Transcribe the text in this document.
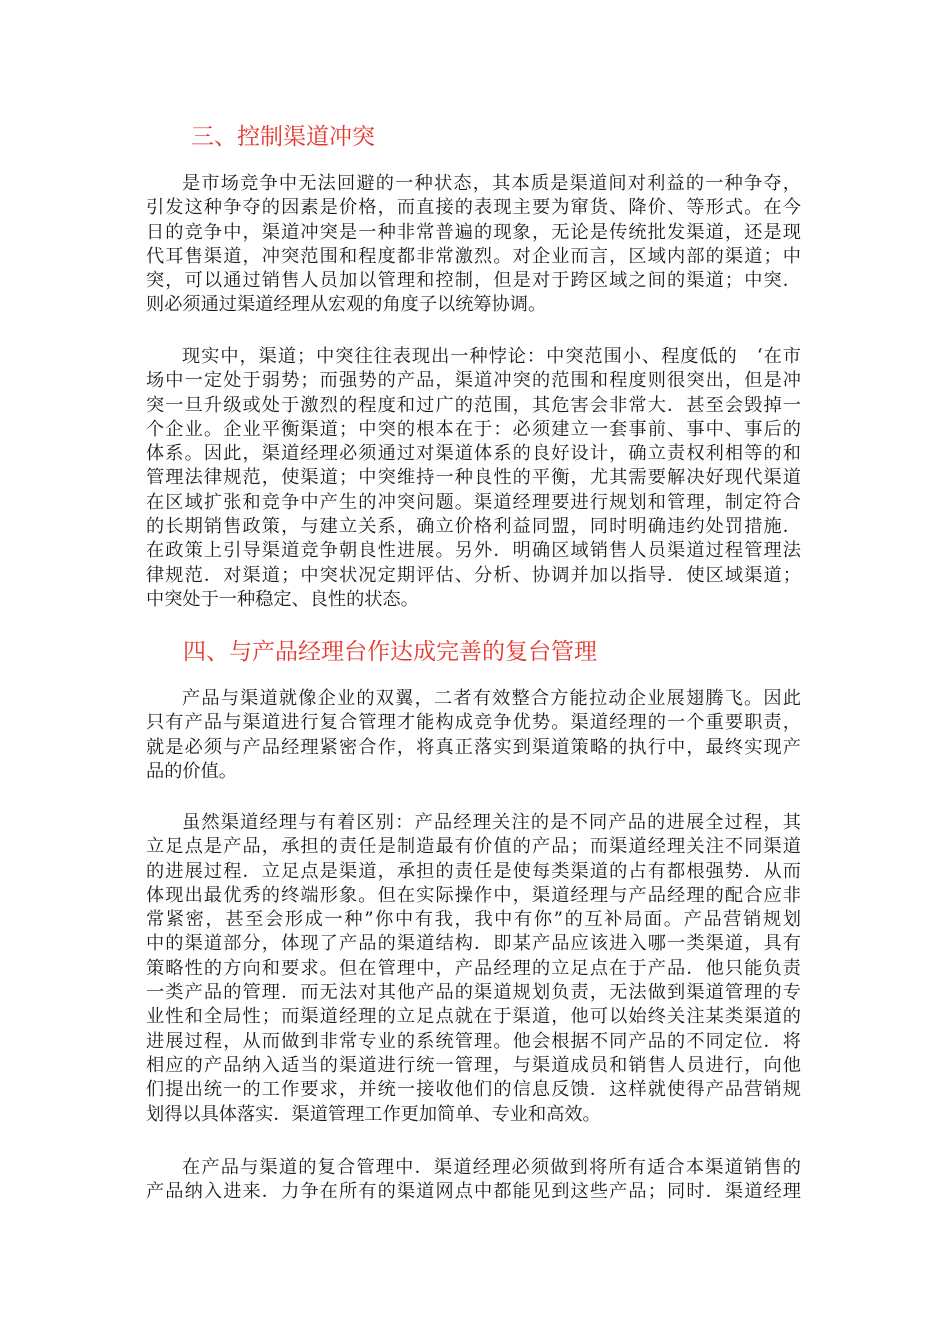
三、控制渠道冲突
是市场竞争中无法回避的一种状态，其本质是渠道间对利益的一种争夺，
引发这种争夺的因素是价格，而直接的表现主要为窜货、降价、等形式。在今
日的竞争中，渠道冲突是一种非常普遍的现象，无论是传统批发渠道，还是现
代耳售渠道，冲突范围和程度都非常激烈。对企业而言，区域内部的渠道；中
突，可以通过销售人员加以管理和控制，但是对于跨区域之间的渠道；中突．
则必须通过渠道经理从宏观的角度子以统筹协调。
现实中，渠道；中突往往表现出一种悖论：中突范围小、程度低的　‘在市
场中一定处于弱势；而强势的产品，渠道冲突的范围和程度则很突出，但是冲
突一旦升级或处于激烈的程度和过广的范围，其危害会非常大．甚至会毁掉一
个企业。企业平衡渠道；中突的根本在于：必须建立一套事前、事中、事后的
体系。因此，渠道经理必须通过对渠道体系的良好设计，确立责权利相等的和
管理法律规范，使渠道；中突维持一种良性的平衡，尤其需要解决好现代渠道
在区域扩张和竞争中产生的冲突问题。渠道经理要进行规划和管理，制定符合
的长期销售政策，与建立关系，确立价格利益同盟，同时明确违约处罚措施．
在政策上引导渠道竞争朝良性进展。另外．明确区域销售人员渠道过程管理法
律规范．对渠道；中突状况定期评估、分析、协调并加以指导．使区域渠道；
中突处于一种稳定、良性的状态。
四、与产品经理台作达成完善的复台管理
产品与渠道就像企业的双翼，二者有效整合方能拉动企业展翅腾飞。因此
只有产品与渠道进行复合管理才能构成竞争优势。渠道经理的一个重要职责，
就是必须与产品经理紧密合作，将真正落实到渠道策略的执行中，最终实现产
品的价值。
虽然渠道经理与有着区别：产品经理关注的是不同产品的进展全过程，其
立足点是产品，承担的责任是制造最有价值的产品；而渠道经理关注不同渠道
的进展过程．立足点是渠道，承担的责任是使每类渠道的占有都根强势．从而
体现出最优秀的终端形象。但在实际操作中，渠道经理与产品经理的配合应非
常紧密，甚至会形成一种”你中有我，我中有你”的互补局面。产品营销规划
中的渠道部分，体现了产品的渠道结构．即某产品应该进入哪一类渠道，具有
策略性的方向和要求。但在管理中，产品经理的立足点在于产品．他只能负责
一类产品的管理．而无法对其他产品的渠道规划负责，无法做到渠道管理的专
业性和全局性；而渠道经理的立足点就在于渠道，他可以始终关注某类渠道的
进展过程，从而做到非常专业的系统管理。他会根据不同产品的不同定位．将
相应的产品纳入适当的渠道进行统一管理，与渠道成员和销售人员进行，向他
们提出统一的工作要求，并统一接收他们的信息反馈．这样就使得产品营销规
划得以具体落实．渠道管理工作更加简单、专业和高效。
在产品与渠道的复合管理中．渠道经理必须做到将所有适合本渠道销售的
产品纳入进来．力争在所有的渠道网点中都能见到这些产品；同时．渠道经理
